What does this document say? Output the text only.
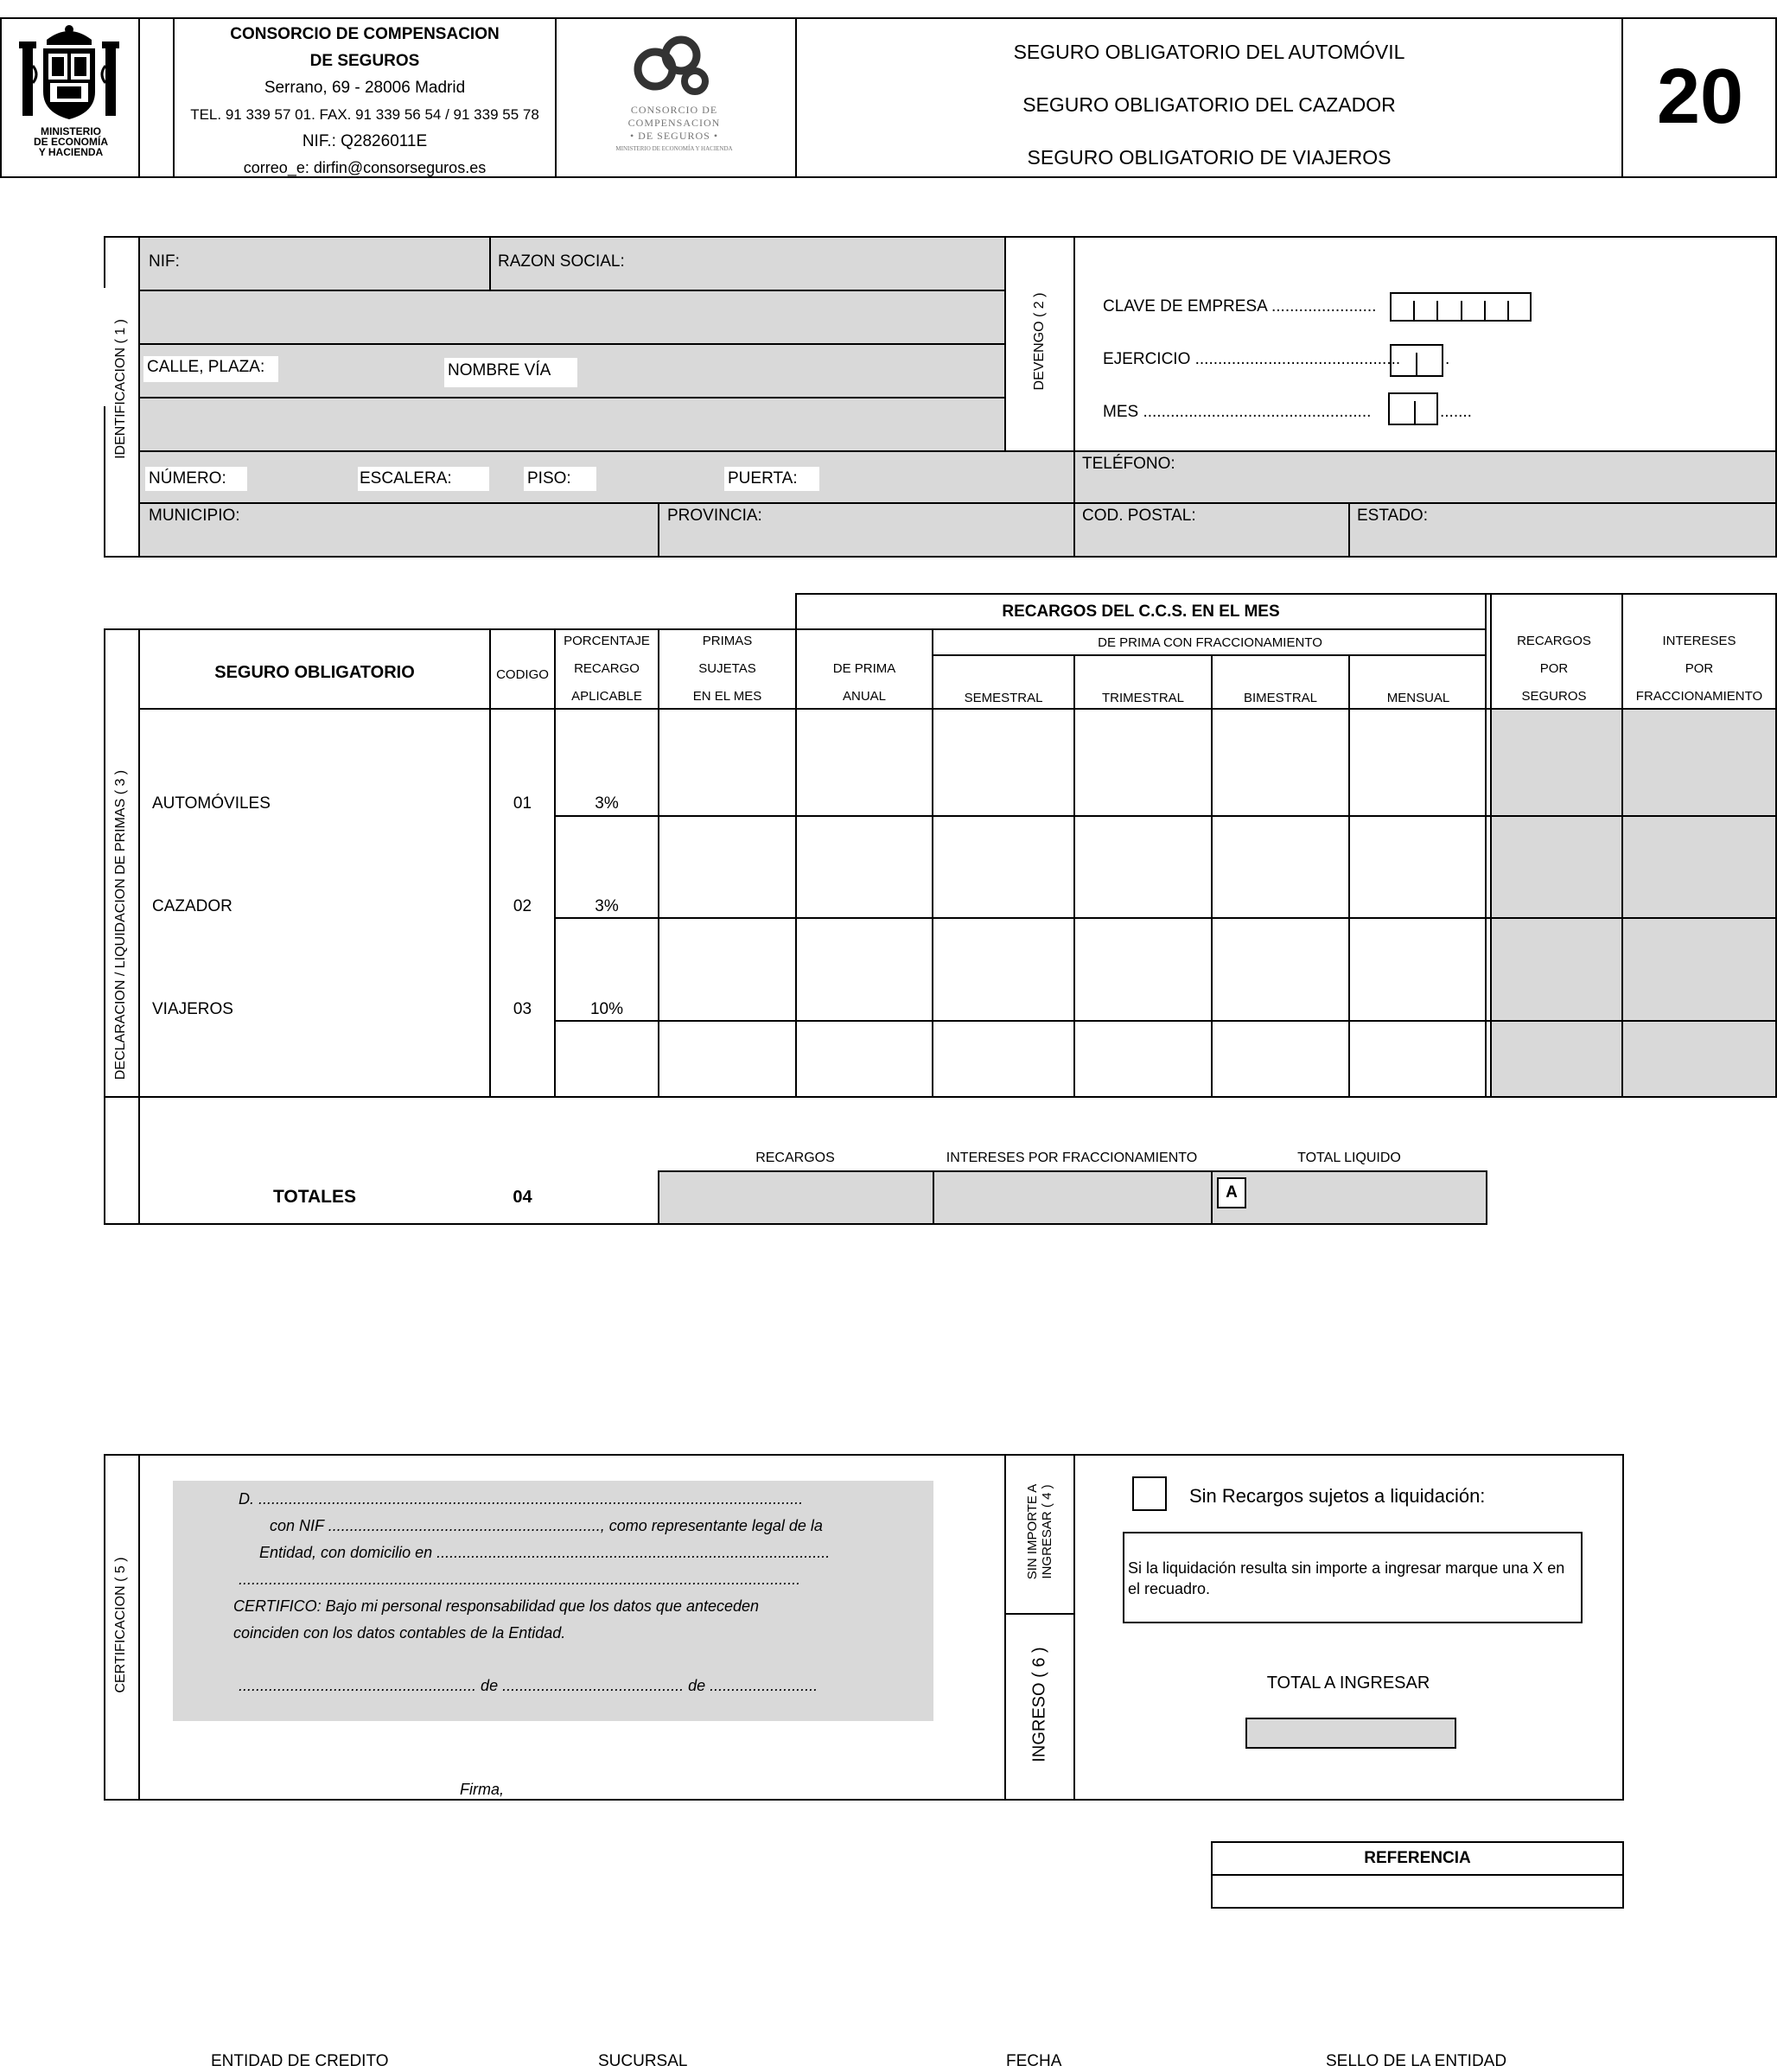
MINISTERIO
DE ECONOMÍA
Y HACIENDA
CONSORCIO DE COMPENSACION
DE SEGUROS
Serrano, 69 - 28006 Madrid
TEL. 91 339 57 01. FAX. 91 339 56 54 / 91 339 55 78
NIF.: Q2826011E
correo_e: dirfin@consorseguros.es
CONSORCIO DE
COMPENSACION
• DE SEGUROS •
MINISTERIO DE ECONOMÍA Y HACIENDA
SEGURO OBLIGATORIO DEL AUTOMÓVIL
SEGURO OBLIGATORIO DEL CAZADOR
SEGURO OBLIGATORIO DE VIAJEROS
20
IDENTIFICACION ( 1 )
NIF:	RAZON SOCIAL:
CALLE, PLAZA:	NOMBRE VÍA
NÚMERO:	ESCALERA:	PISO:	PUERTA:
MUNICIPIO:	PROVINCIA:
TELÉFONO:
COD. POSTAL:	ESTADO:
DEVENGO ( 2 )	CLAVE DE EMPRESA .......................
EJERCICIO .............................................	.
MES ..................................................	.......
RECARGOS DEL C.C.S. EN EL MES
DECLARACION / LIQUIDACION DE PRIMAS ( 3 )
SEGURO OBLIGATORIO	CODIGO
PORCENTAJE
RECARGO
APLICABLE
PRIMAS
SUJETAS
EN EL MES
DE PRIMA
ANUAL
DE PRIMA CON FRACCIONAMIENTO
SEMESTRAL	TRIMESTRAL	BIMESTRAL	MENSUAL
RECARGOS
POR
SEGUROS
INTERESES
POR
FRACCIONAMIENTO
AUTOMÓVILES	01	3%
CAZADOR	02	3%
VIAJEROS	03	10%
RECARGOS	INTERESES POR FRACCIONAMIENTO	TOTAL LIQUIDO
A
TOTALES	04
CERTIFICACION ( 5 )
D. ..............................................................................................................................
con NIF ..............................................................., como representante legal de la
Entidad, con domicilio en ...........................................................................................
..................................................................................................................................
CERTIFICO: Bajo mi personal responsabilidad que los datos que anteceden
coinciden con los datos contables de la Entidad.
....................................................... de .......................................... de .........................
Firma,
SIN IMPORTE A INGRESAR ( 4 )	Sin Recargos sujetos a liquidación:
Si la liquidación resulta sin importe a ingresar marque una X en el recuadro.
INGRESO ( 6 )	TOTAL A INGRESAR
REFERENCIA
ENTIDAD DE CREDITO	SUCURSAL	FECHA	SELLO DE LA ENTIDAD
